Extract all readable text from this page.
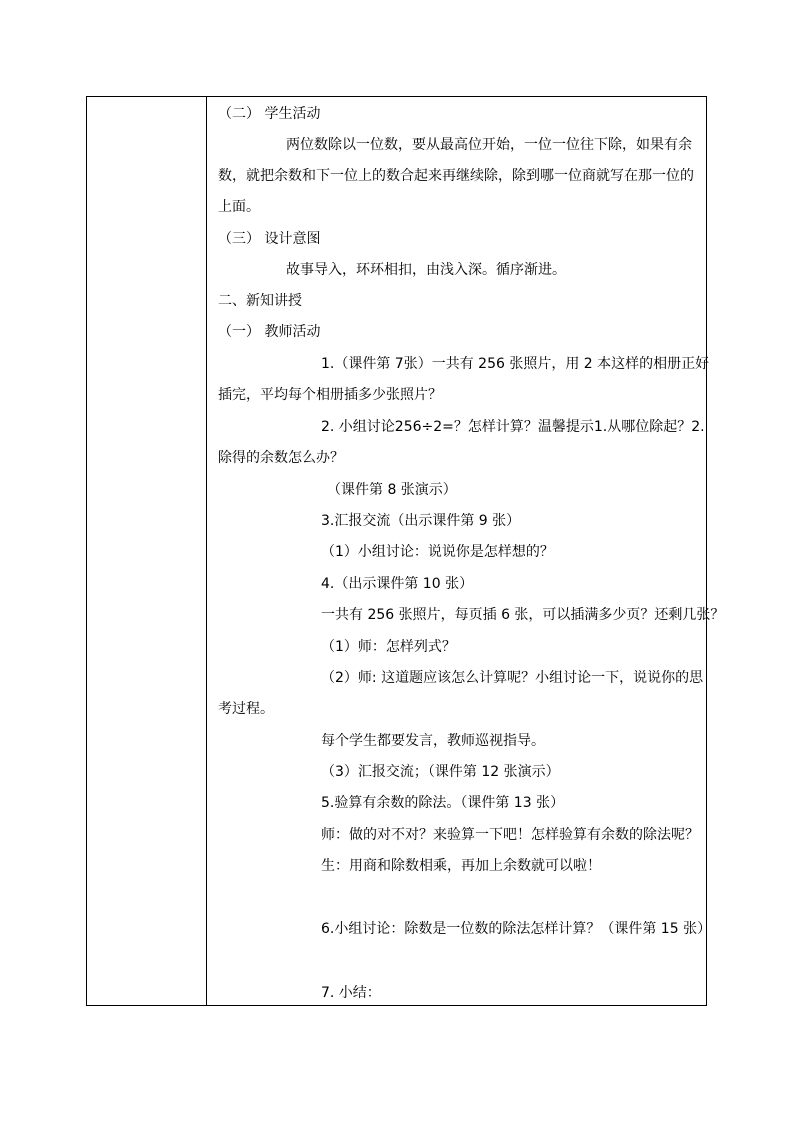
（二） 学生活动
两位数除以一位数，要从最高位开始，一位一位往下除，如果有余
数，就把余数和下一位上的数合起来再继续除，除到哪一位商就写在那一位的
上面。
（三） 设计意图
故事导入，环环相扣，由浅入深。循序渐进。
二、新知讲授
（一） 教师活动
1.（课件第 7张）一共有 256 张照片，用 2 本这样的相册正好
插完，平均每个相册插多少张照片？
2. 小组讨论256÷2=？怎样计算？温馨提示1.从哪位除起？2.
除得的余数怎么办？
（课件第 8 张演示）
3.汇报交流（出示课件第 9 张）
（1）小组讨论：说说你是怎样想的？
4.（出示课件第 10 张）
一共有 256 张照片，每页插 6 张，可以插满多少页？还剩几张？
（1）师：怎样列式？
（2）师: 这道题应该怎么计算呢？小组讨论一下，说说你的思
考过程。
每个学生都要发言，教师巡视指导。
（3）汇报交流；（课件第 12 张演示）
5.验算有余数的除法。（课件第 13 张）
师：做的对不对？来验算一下吧！怎样验算有余数的除法呢？
生：用商和除数相乘，再加上余数就可以啦！
6.小组讨论：除数是一位数的除法怎样计算？（课件第 15 张）
7. 小结：
